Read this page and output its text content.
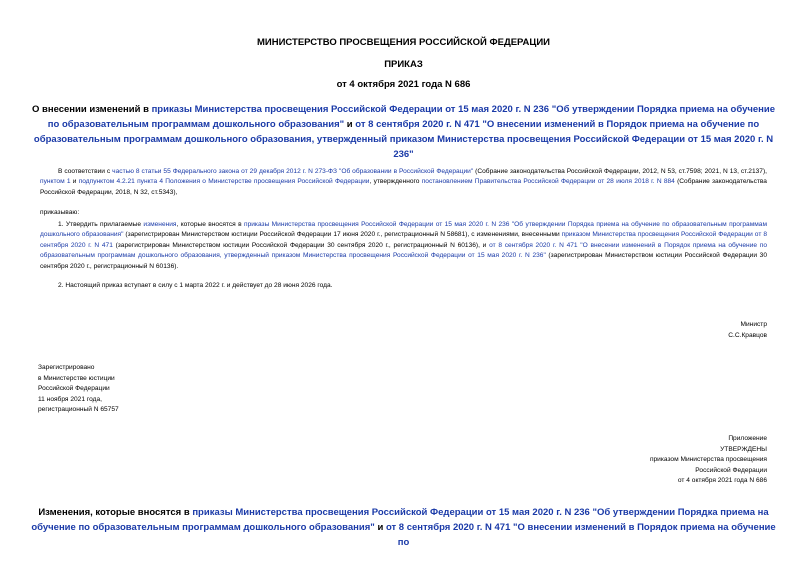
МИНИСТЕРСТВО ПРОСВЕЩЕНИЯ РОССИЙСКОЙ ФЕДЕРАЦИИ
ПРИКАЗ
от 4 октября 2021 года N 686
О внесении изменений в приказы Министерства просвещения Российской Федерации от 15 мая 2020 г. N 236 "Об утверждении Порядка приема на обучение по образовательным программам дошкольного образования" и от 8 сентября 2020 г. N 471 "О внесении изменений в Порядок приема на обучение по образовательным программам дошкольного образования, утвержденный приказом Министерства просвещения Российской Федерации от 15 мая 2020 г. N 236"
В соответствии с частью 8 статьи 55 Федерального закона от 29 декабря 2012 г. N 273-ФЗ "Об образовании в Российской Федерации" (Собрание законодательства Российской Федерации, 2012, N 53, ст.7598; 2021, N 13, ст.2137), пунктом 1 и подпунктом 4.2.21 пункта 4 Положения о Министерстве просвещения Российской Федерации, утвержденного постановлением Правительства Российской Федерации от 28 июля 2018 г. N 884 (Собрание законодательства Российской Федерации, 2018, N 32, ст.5343),
приказываю:
1. Утвердить прилагаемые изменения, которые вносятся в приказы Министерства просвещения Российской Федерации от 15 мая 2020 г. N 236 "Об утверждении Порядка приема на обучение по образовательным программам дошкольного образования" (зарегистрирован Министерством юстиции Российской Федерации 17 июня 2020 г., регистрационный N 58681), с изменениями, внесенными приказом Министерства просвещения Российской Федерации от 8 сентября 2020 г. N 471 (зарегистрирован Министерством юстиции Российской Федерации 30 сентября 2020 г., регистрационный N 60136), и от 8 сентября 2020 г. N 471 "О внесении изменений в Порядок приема на обучение по образовательным программам дошкольного образования, утвержденный приказом Министерства просвещения Российской Федерации от 15 мая 2020 г. N 236" (зарегистрирован Министерством юстиции Российской Федерации 30 сентября 2020 г., регистрационный N 60136).
2. Настоящий приказ вступает в силу с 1 марта 2022 г. и действует до 28 июня 2026 года.
Министр
С.С.Кравцов
Зарегистрировано
в Министерстве юстиции
Российской Федерации
11 ноября 2021 года,
регистрационный N 65757
Приложение
УТВЕРЖДЕНЫ
приказом Министерства просвещения
Российской Федерации
от 4 октября 2021 года N 686
Изменения, которые вносятся в приказы Министерства просвещения Российской Федерации от 15 мая 2020 г. N 236 "Об утверждении Порядка приема на обучение по образовательным программам дошкольного образования" и от 8 сентября 2020 г. N 471 "О внесении изменений в Порядок приема на обучение по
